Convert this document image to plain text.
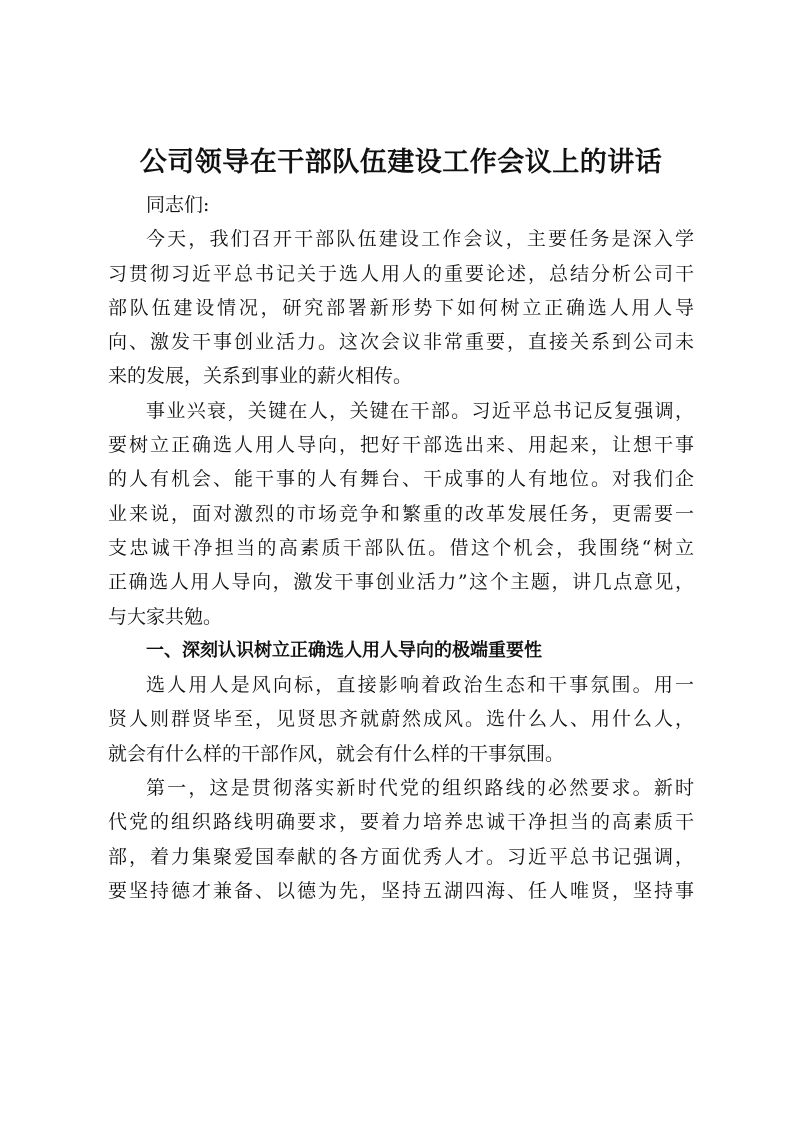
公司领导在干部队伍建设工作会议上的讲话
同志们:
今天，我们召开干部队伍建设工作会议，主要任务是深入学
习贯彻习近平总书记关于选人用人的重要论述，总结分析公司干
部队伍建设情况，研究部署新形势下如何树立正确选人用人导
向、激发干事创业活力。这次会议非常重要，直接关系到公司未
来的发展，关系到事业的薪火相传。
事业兴衰，关键在人，关键在干部。习近平总书记反复强调，
要树立正确选人用人导向，把好干部选出来、用起来，让想干事
的人有机会、能干事的人有舞台、干成事的人有地位。对我们企
业来说，面对激烈的市场竞争和繁重的改革发展任务，更需要一
支忠诚干净担当的高素质干部队伍。借这个机会，我围绕“树立
正确选人用人导向，激发干事创业活力”这个主题，讲几点意见，
与大家共勉。
一、深刻认识树立正确选人用人导向的极端重要性
选人用人是风向标，直接影响着政治生态和干事氛围。用一
贤人则群贤毕至，见贤思齐就蔚然成风。选什么人、用什么人，
就会有什么样的干部作风，就会有什么样的干事氛围。
第一，这是贯彻落实新时代党的组织路线的必然要求。新时
代党的组织路线明确要求，要着力培养忠诚干净担当的高素质干
部，着力集聚爱国奉献的各方面优秀人才。习近平总书记强调，
要坚持德才兼备、以德为先，坚持五湖四海、任人唯贤，坚持事
